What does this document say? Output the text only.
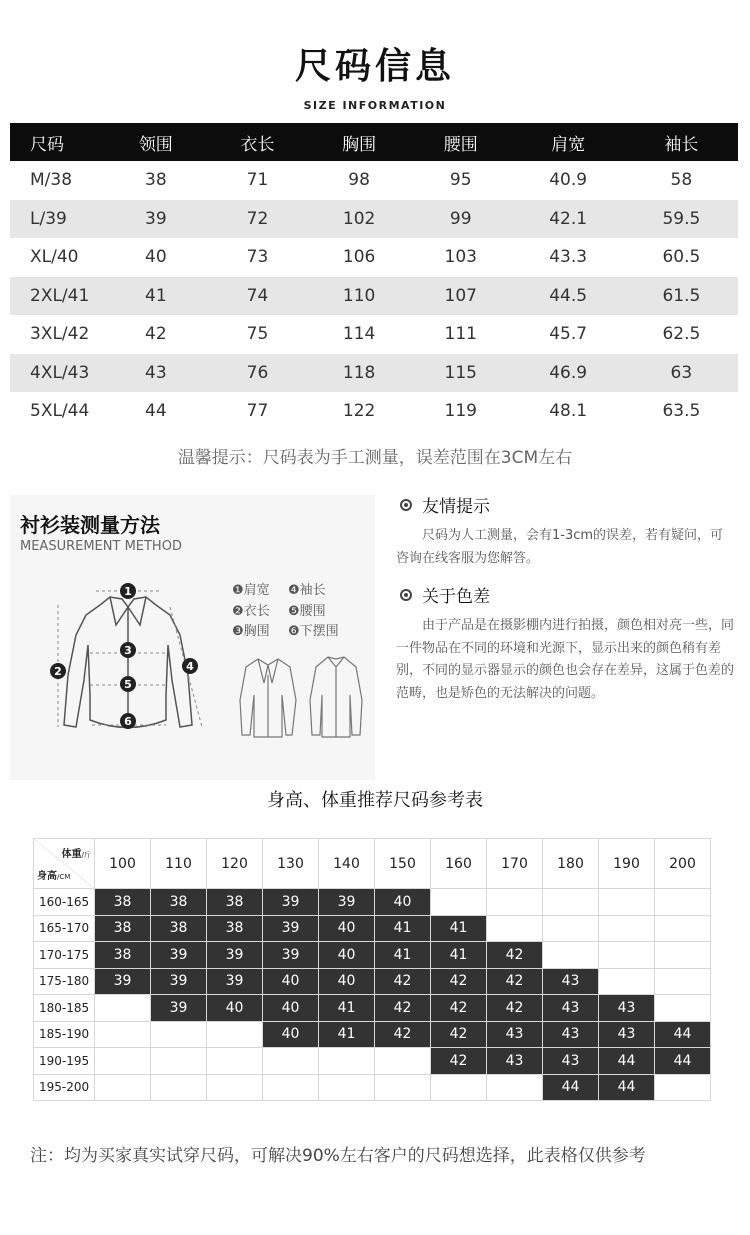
尺码信息
SIZE INFORMATION
尺码	领围	衣长	胸围	腰围	肩宽	袖长
M/38	38	71	98	95	40.9	58
L/39	39	72	102	99	42.1	59.5
XL/40	40	73	106	103	43.3	60.5
2XL/41	41	74	110	107	44.5	61.5
3XL/42	42	75	114	111	45.7	62.5
4XL/43	43	76	118	115	46.9	63
5XL/44	44	77	122	119	48.1	63.5
温馨提示：尺码表为手工测量，误差范围在3CM左右
1
2
3
4
5
6
衬衫装测量方法
MEASUREMENT METHOD
❶肩宽 ❹袖长
❷衣长 ❺腰围
❸胸围 ❻下摆围
友情提示

尺码为人工测量，会有1-3cm的误差，若有疑问，可咨询在线客服为您解答。

关于色差

由于产品是在摄影棚内进行拍摄，颜色相对亮一些，同一件物品在不同的环境和光源下，显示出来的颜色稍有差别，不同的显示器显示的颜色也会存在差异，这属于色差的范畴，也是矫色的无法解决的问题。

身高、体重推荐尺码参考表
体重/斤
身高/CM	100	110	120	130	140	150	160	170	180	190	200
160-165	38	38	38	39	39	40					
165-170	38	38	38	39	40	41	41				
170-175	38	39	39	39	40	41	41	42			
175-180	39	39	39	40	40	42	42	42	43		
180-185		39	40	40	41	42	42	42	43	43	
185-190				40	41	42	42	43	43	43	44
190-195							42	43	43	44	44
195-200									44	44	
注：均为买家真实试穿尺码，可解决90%左右客户的尺码想选择，此表格仅供参考
